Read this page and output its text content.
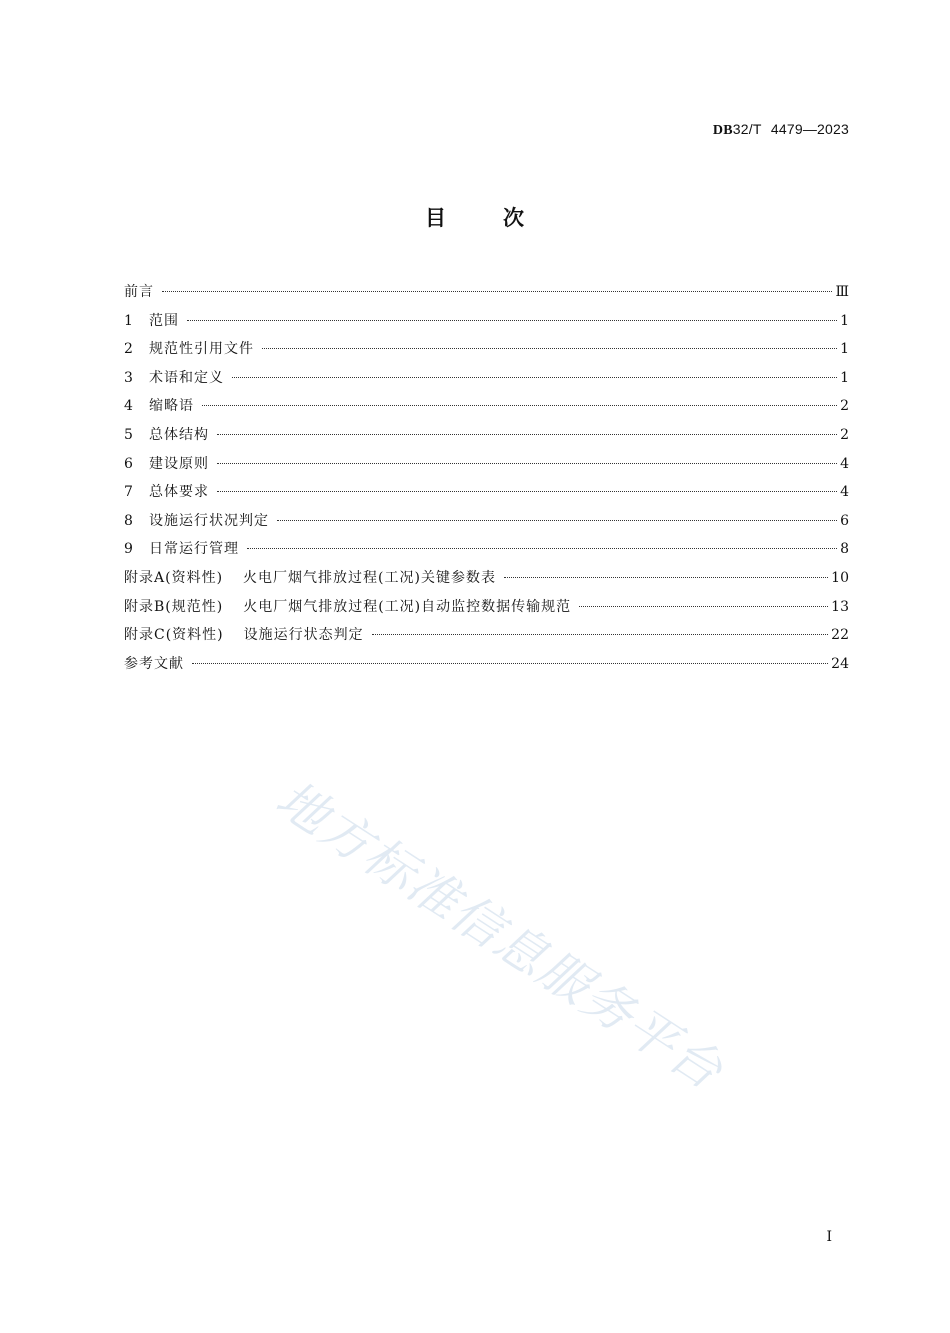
DB32/T 4479—2023
目	次
前言	Ⅲ
1	范围	1
2	规范性引用文件	1
3	术语和定义	1
4	缩略语	2
5	总体结构	2
6	建设原则	4
7	总体要求	4
8	设施运行状况判定	6
9	日常运行管理	8
附录A(资料性) 火电厂烟气排放过程(工况)关键参数表	10
附录B(规范性) 火电厂烟气排放过程(工况)自动监控数据传输规范	13
附录C(资料性) 设施运行状态判定	22
参考文献	24
地方标准信息服务平台
I
